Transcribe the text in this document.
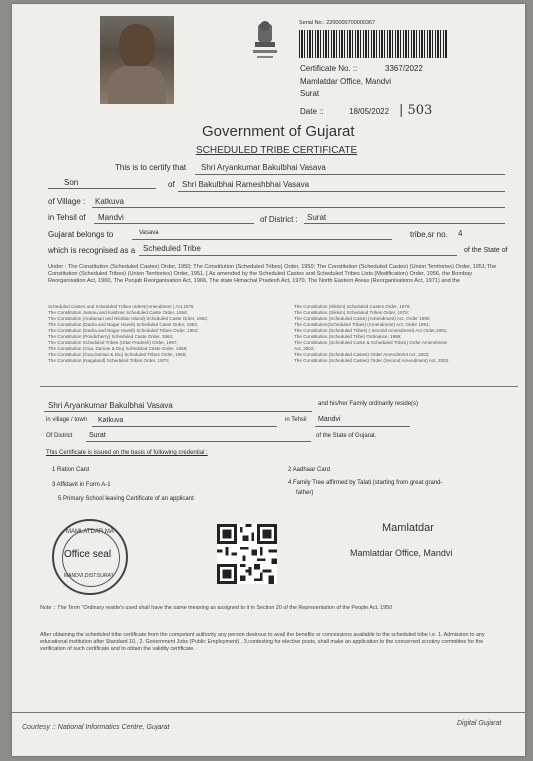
Serial No.: 2200000700000367
Certificate No. ::	3367/2022
Mamlatdar Office, Mandvi
Surat
Date ::	18/05/2022 | 503
Government of Gujarat
SCHEDULED TRIBE CERTIFICATE
This is to certify that Shri Aryankumar Bakulbhai Vasava
Son	of Shri Bakulbhai Rameshbhai Vasava
of Village : Katkuva
in Tehsil of Mandvi	of District : Surat
Gujarat belongs to	Vasava	tribe,sr no. 4
which is recognised as a Scheduled Tribe	of the State of
Under : The Constitution (Scheduled Castes) Order, 1950; The Constitution (Scheduled Tribes) Order, 1950; The Constitution (Scheduled Castes) (Union Territories) Order, 1951;The Constitution (Scheduled Tribes) (Union Territories) Order, 1951, [ As amended by the Scheduled Castes and Scheduled Tribes Lists (Modification) Order, 1956, the Bombay Reorganisation Act, 1960, The Punjab Reorganisation Act, 1966, The state Himachal Pradesh Act, 1970, The North Eastern Areas (Reorganisations Act, 1971) and the
Scheduled Castes and Scheduled Tribes orders(Amendment ) Act,1976
The Constitution Jammu and Kashmir Scheduled Caste Order, 1956;
The Constitution (Andaman and Nicobar Island) Scheduled Caste Order, 1962;
The Constitution (Dadra and Nagar Haveli) Scheduled Caste Order, 1962;
The Constitution (Dadra and Nagar Haveli) Scheduled Tribes Order, 1962;
The Constitution (Pondicherry) Scheduled Caste Order, 1964;
The Constitution Scheduled Tribes (Uttar Pradesh) Order, 1967;
The Constitution (Goa, Daman & Diu) Scheduled Caste Order, 1968;
The Constitution (Goa,Daman & Diu) Scheduled Tribes Order, 1968;
The Constitution (Nagaland) Scheduled Tribes Order, 1970;
The Constitution (Sikkim) Scheduled Castes Order, 1978;
The Constitution (Sikkim) Scheduled Tribes Order, 1978;
The Constitution (Scheduled Caste) (Amendment) Act, Order 1990;
The Constitution(Scheduled Tribes) (Amendment) Act, Order 1991;
The Constitution (Scheduled Tribes) ( Second Amendment) Act Order,1991;
The Constitution (Scheduled Tribe) Ordinance, 1996;
The Constitution (Scheduled Caste & Scheduled Tribes) Order Amendment
Act, 2002;
The Constitution (Scheduled Castes) Order Amendment Act, 2002;
The Constitution (Scheduled Castes) Order (Second Amendment) Act, 2002.
Shri Aryankumar Bakulbhai Vasava	and his/her Family ordinarily reside(s)
in village / town Katkuva	in Tehsil Mandvi
Of District Surat	of the State of Gujarat.
This Certificate is issued on the basis of following credential :
1 Ration Card	2 Aadhaar Card
3 Affidavit in Form A-1	4 Family Tree affirmed by Talati (starting from great grand-
father)
5 Primary School leaving Certificate of an applicant
MAMLATDAR,MA
Office seal
MANDVI,DIST:SURAT
Mamlatdar
Mamlatdar Office, Mandvi
Note :: The Term "Ordinary reside's used shall have the same meaning as assigned to it in Section 20 of the Representation of the People Act, 1950
After obtaining the scheduled tribe certificate from the competent authority any person desirous to avail the benefits or concessions available to the scheduled tribe i.e. 1. Admission to any educational institution after Standard 10., 2. Government Jobs (Public Employment) , 3.contesting for elective posts, shall make an application to the concerned scrutiny committee for the verification of such certificate and to obtain the validity certificate.
Courtesy :: National Informatics Centre, Gujarat
Digital Gujarat
